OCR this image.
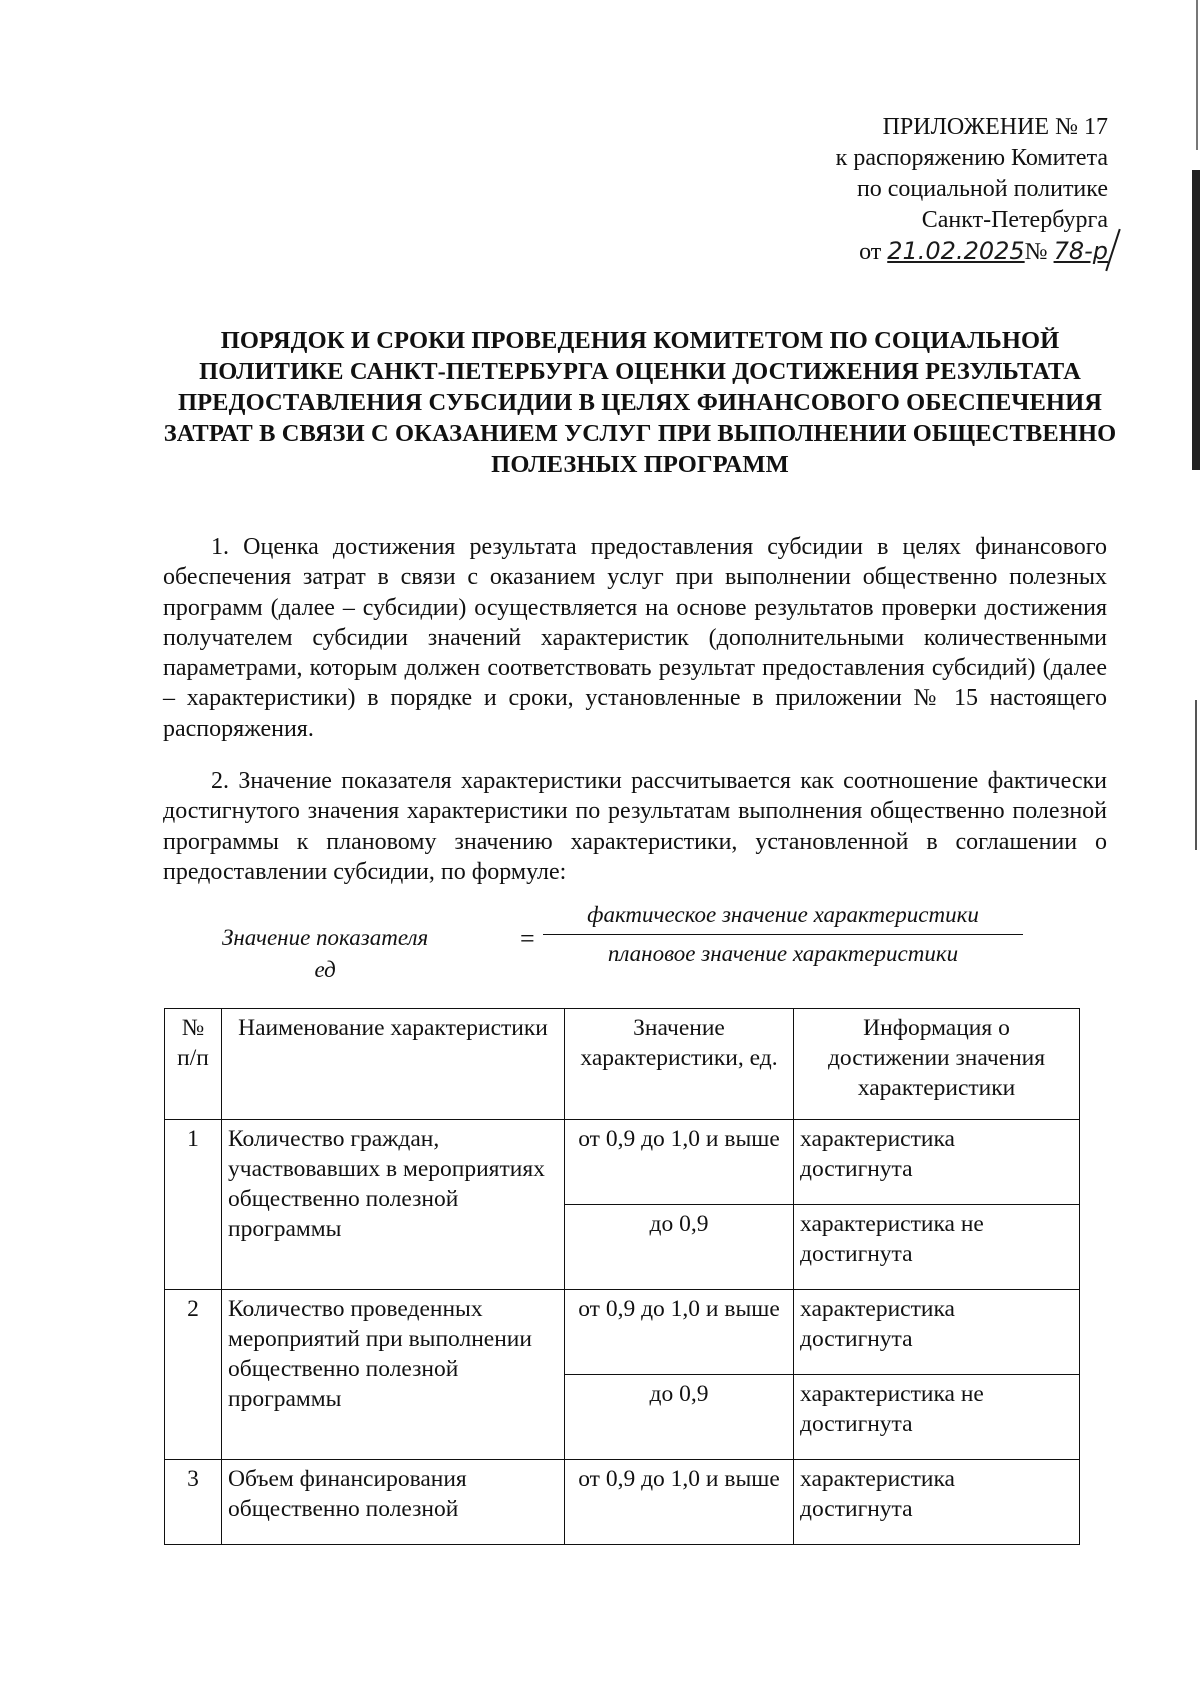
ПРИЛОЖЕНИЕ № 17
к распоряжению Комитета
по социальной политике
Санкт-Петербурга
от 21.02.2025№ 78-р
ПОРЯДОК И СРОКИ ПРОВЕДЕНИЯ КОМИТЕТОМ ПО СОЦИАЛЬНОЙ ПОЛИТИКЕ САНКТ-ПЕТЕРБУРГА ОЦЕНКИ ДОСТИЖЕНИЯ РЕЗУЛЬТАТА ПРЕДОСТАВЛЕНИЯ СУБСИДИИ В ЦЕЛЯХ ФИНАНСОВОГО ОБЕСПЕЧЕНИЯ ЗАТРАТ В СВЯЗИ С ОКАЗАНИЕМ УСЛУГ ПРИ ВЫПОЛНЕНИИ ОБЩЕСТВЕННО ПОЛЕЗНЫХ ПРОГРАММ
1. Оценка достижения результата предоставления субсидии в целях финансового обеспечения затрат в связи с оказанием услуг при выполнении общественно полезных программ (далее – субсидии) осуществляется на основе результатов проверки достижения получателем субсидии значений характеристик (дополнительными количественными параметрами, которым должен соответствовать результат предоставления субсидий) (далее – характеристики) в порядке и сроки, установленные в приложении № 15 настоящего распоряжения.
2. Значение показателя характеристики рассчитывается как соотношение фактически достигнутого значения характеристики по результатам выполнения общественно полезной программы к плановому значению характеристики, установленной в соглашении о предоставлении субсидии, по формуле:
Значение показателя
ед
=
фактическое значение характеристики
плановое значение характеристики
№ п/п	Наименование характеристики	Значение характеристики, ед.	Информация о достижении значения характеристики
1	Количество граждан, участвовавших в мероприятиях общественно полезной программы	от 0,9 до 1,0 и выше	характеристика достигнута
		до 0,9	характеристика не достигнута
2	Количество проведенных мероприятий при выполнении общественно полезной программы	от 0,9 до 1,0 и выше	характеристика достигнута
		до 0,9	характеристика не достигнута
3	Объем финансирования общественно полезной	от 0,9 до 1,0 и выше	характеристика достигнута
